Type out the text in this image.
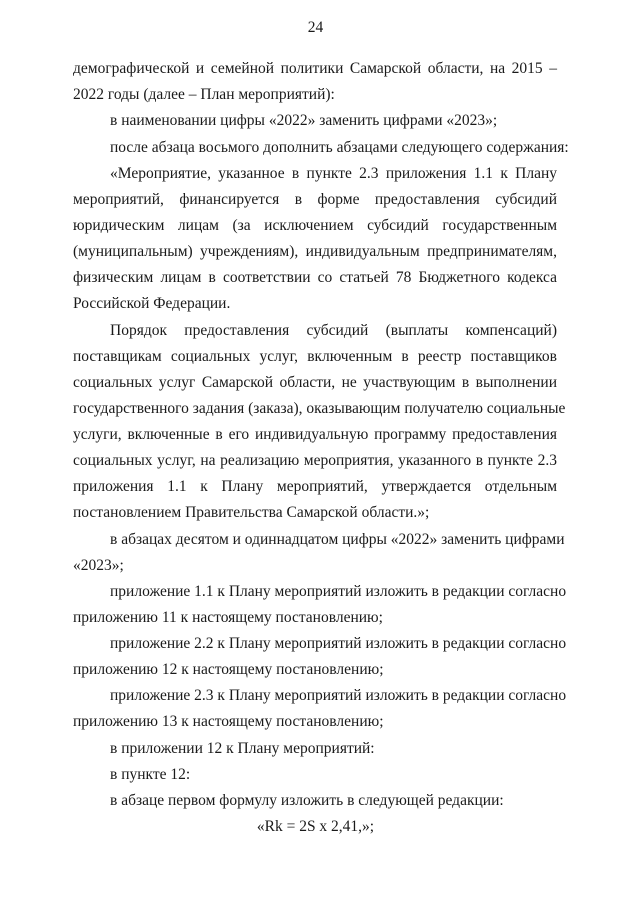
24
демографической и семейной политики Самарской области, на 2015 –
2022 годы (далее – План мероприятий):
в наименовании цифры «2022» заменить цифрами «2023»;
после абзаца восьмого дополнить абзацами следующего содержания:
«Мероприятие, указанное в пункте 2.3 приложения 1.1 к Плану
мероприятий, финансируется в форме предоставления субсидий
юридическим лицам (за исключением субсидий государственным
(муниципальным) учреждениям), индивидуальным предпринимателям,
физическим лицам в соответствии со статьей 78 Бюджетного кодекса
Российской Федерации.
Порядок предоставления субсидий (выплаты компенсаций)
поставщикам социальных услуг, включенным в реестр поставщиков
социальных услуг Самарской области, не участвующим в выполнении
государственного задания (заказа), оказывающим получателю социальные
услуги, включенные в его индивидуальную программу предоставления
социальных услуг, на реализацию мероприятия, указанного в пункте 2.3
приложения 1.1 к Плану мероприятий, утверждается отдельным
постановлением Правительства Самарской области.»;
в абзацах десятом и одиннадцатом цифры «2022» заменить цифрами
«2023»;
приложение 1.1 к Плану мероприятий изложить в редакции согласно
приложению 11 к настоящему постановлению;
приложение 2.2 к Плану мероприятий изложить в редакции согласно
приложению 12 к настоящему постановлению;
приложение 2.3 к Плану мероприятий изложить в редакции согласно
приложению 13 к настоящему постановлению;
в приложении 12 к Плану мероприятий:
в пункте 12:
в абзаце первом формулу изложить в следующей редакции:
«Rk = 2S x 2,41,»;
